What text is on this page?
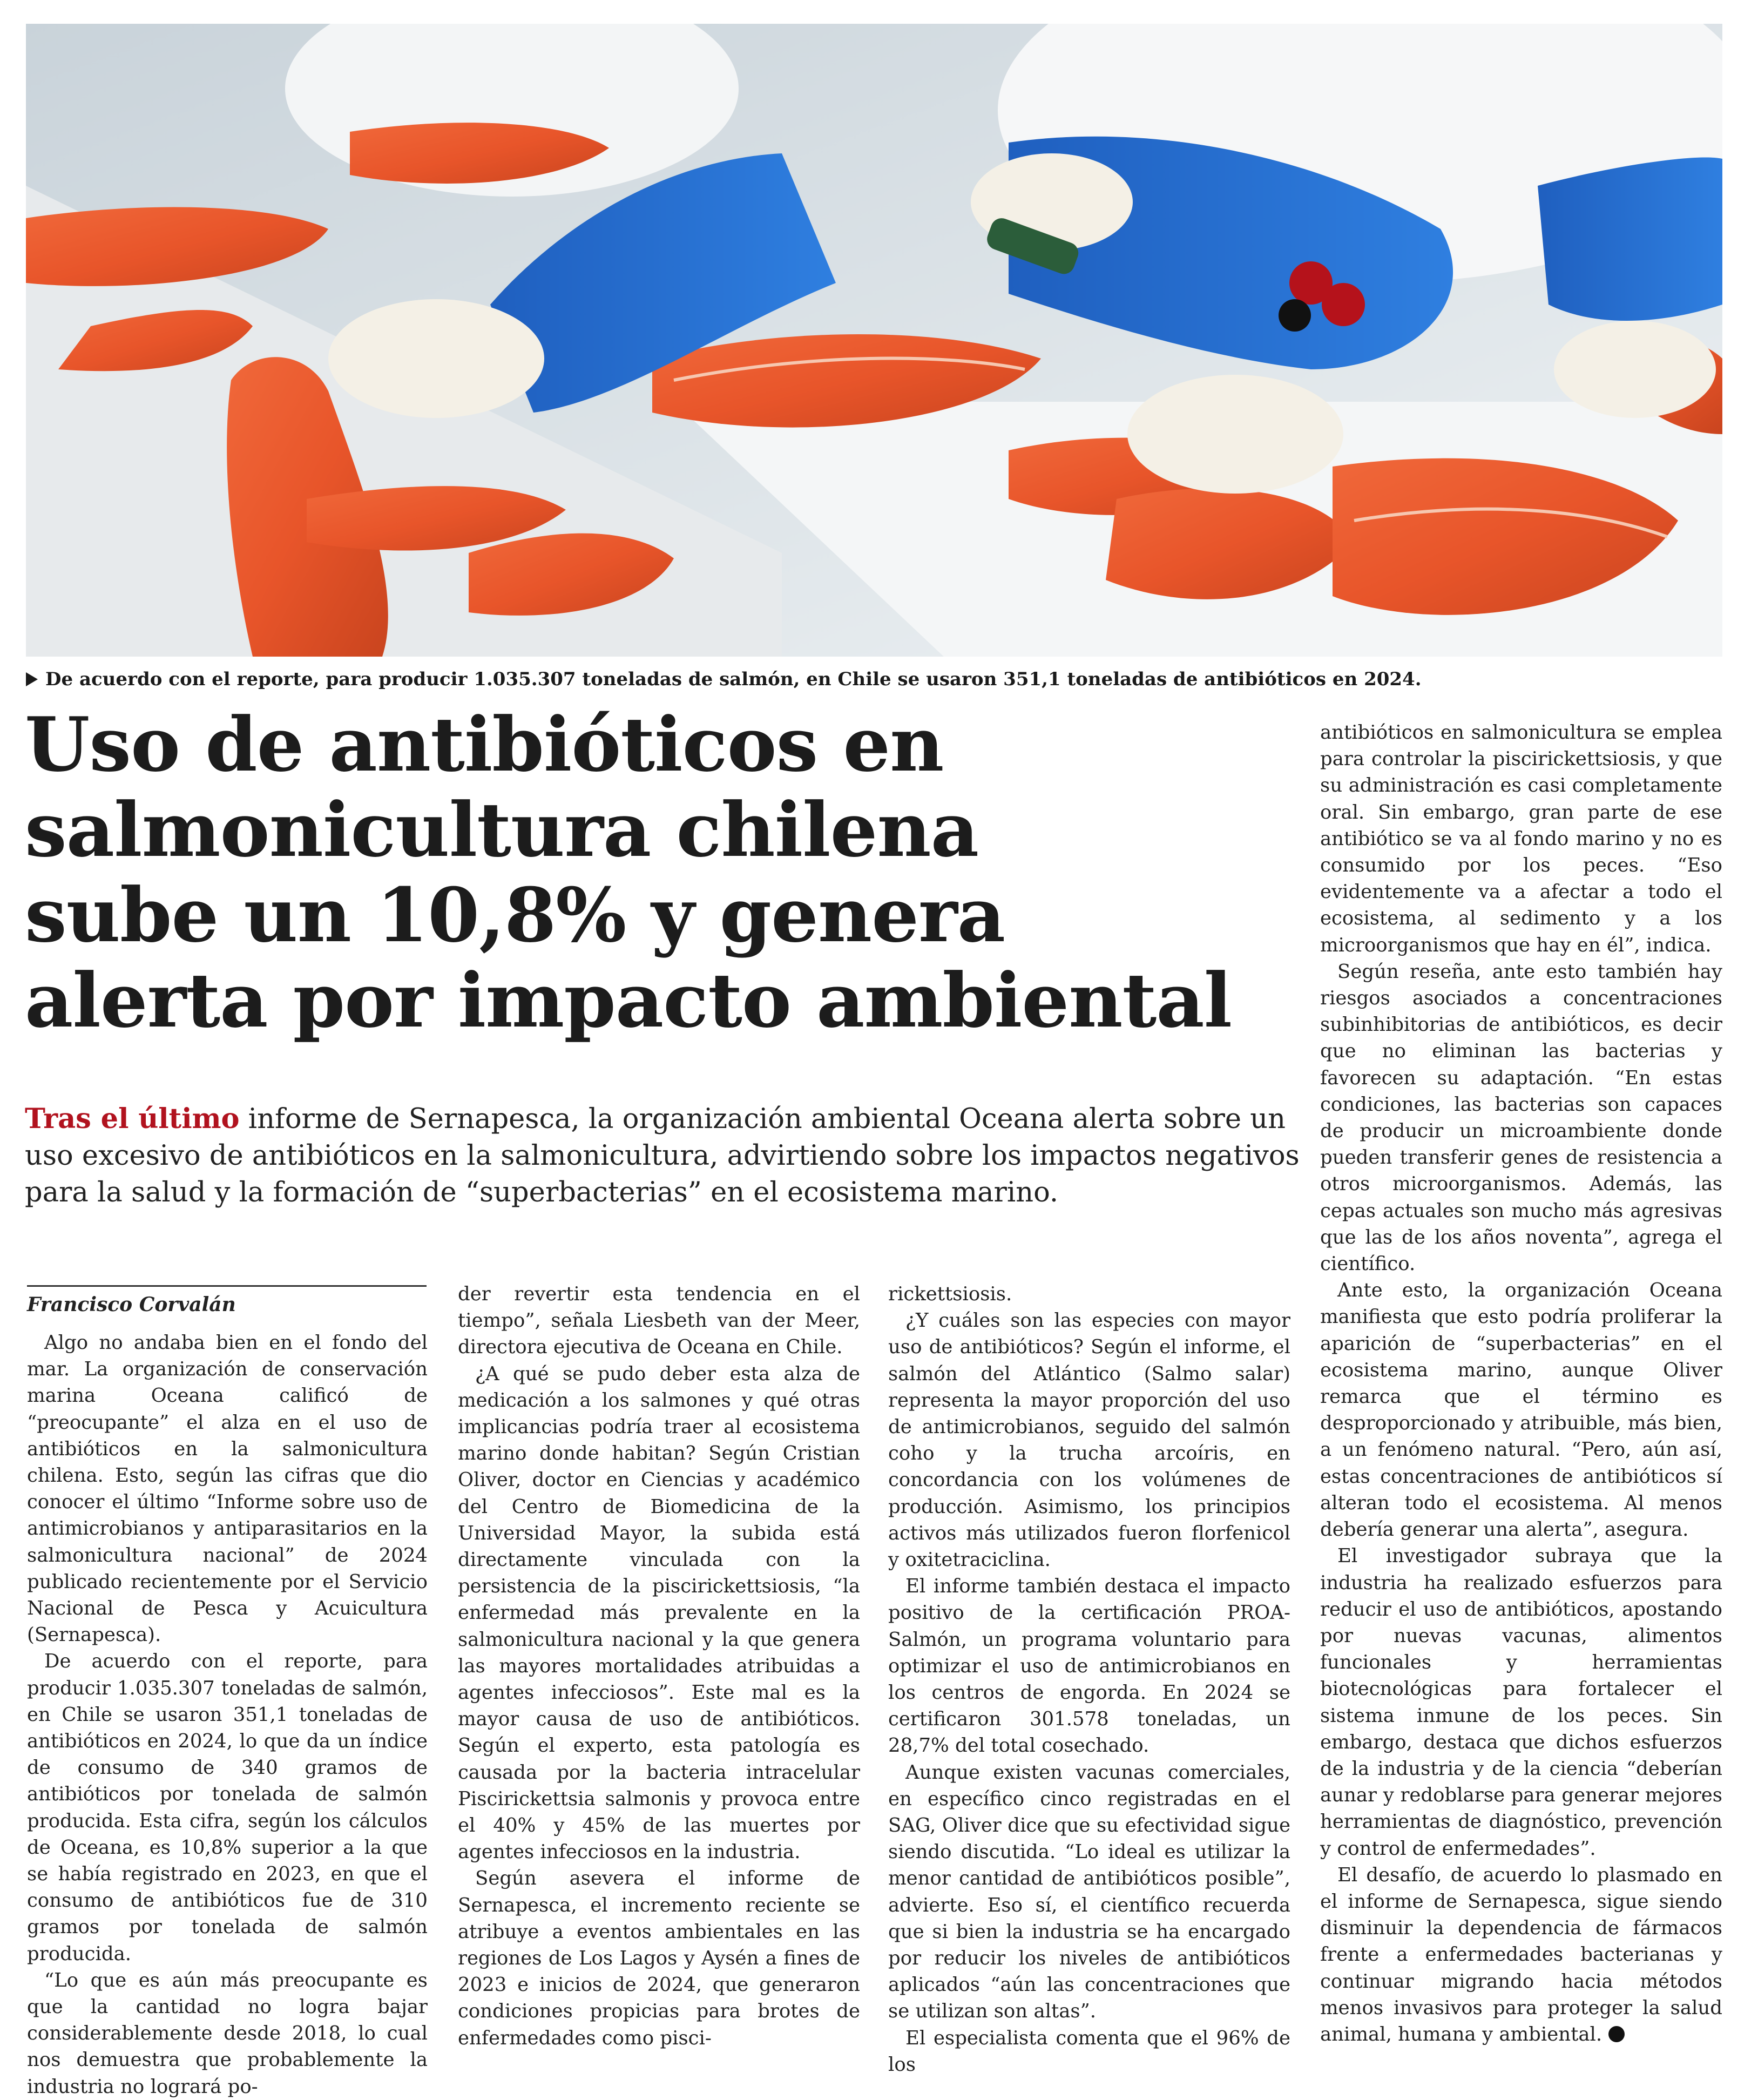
De acuerdo con el reporte, para producir 1.035.307 toneladas de salmón, en Chile se usaron 351,1 toneladas de antibióticos en 2024.
Uso de antibióticos en
salmonicultura chilena
sube un 10,8% y genera
alerta por impacto ambiental
Tras el último informe de Sernapesca, la organización ambiental Oceana alerta sobre un uso excesivo de antibióticos en la salmonicultura, advirtiendo sobre los impactos negativos para la salud y la formación de “superbacterias” en el ecosistema marino.
Francisco Corvalán

Algo no andaba bien en el fondo del mar. La organización de conservación marina Oceana calificó de “preocupante” el alza en el uso de antibióticos en la salmonicultura chilena. Esto, según las cifras que dio conocer el último “Informe sobre uso de antimicrobianos y antiparasitarios en la salmonicultura nacional” de 2024 publicado recientemente por el Servicio Nacional de Pesca y Acuicultura (Sernapesca).

De acuerdo con el reporte, para producir 1.035.307 toneladas de salmón, en Chile se usaron 351,1 toneladas de antibióticos en 2024, lo que da un índice de consumo de 340 gramos de antibióticos por tonelada de salmón producida. Esta cifra, según los cálculos de Oceana, es 10,8% superior a la que se había registrado en 2023, en que el consumo de antibióticos fue de 310 gramos por tonelada de salmón producida.

“Lo que es aún más preocupante es que la cantidad no logra bajar considerablemente desde 2018, lo cual nos demuestra que probablemente la industria no logrará po-

der revertir esta tendencia en el tiempo”, señala Liesbeth van der Meer, directora ejecutiva de Oceana en Chile.

¿A qué se pudo deber esta alza de medicación a los salmones y qué otras implicancias podría traer al ecosistema marino donde habitan? Según Cristian Oliver, doctor en Ciencias y académico del Centro de Biomedicina de la Universidad Mayor, la subida está directamente vinculada con la persistencia de la piscirickettsiosis, “la enfermedad más prevalente en la salmonicultura nacional y la que genera las mayores mortalidades atribuidas a agentes infecciosos”. Este mal es la mayor causa de uso de antibióticos. Según el experto, esta patología es causada por la bacteria intracelular Piscirickettsia salmonis y provoca entre el 40% y 45% de las muertes por agentes infecciosos en la industria.

Según asevera el informe de Sernapesca, el incremento reciente se atribuye a eventos ambientales en las regiones de Los Lagos y Aysén a fines de 2023 e inicios de 2024, que generaron condiciones propicias para brotes de enfermedades como pisci-

rickettsiosis.

¿Y cuáles son las especies con mayor uso de antibióticos? Según el informe, el salmón del Atlántico (Salmo salar) representa la mayor proporción del uso de antimicrobianos, seguido del salmón coho y la trucha arcoíris, en concordancia con los volúmenes de producción. Asimismo, los principios activos más utilizados fueron florfenicol y oxitetraciclina.

El informe también destaca el impacto positivo de la certificación PROA-Salmón, un programa voluntario para optimizar el uso de antimicrobianos en los centros de engorda. En 2024 se certificaron 301.578 toneladas, un 28,7% del total cosechado.

Aunque existen vacunas comerciales, en específico cinco registradas en el SAG, Oliver dice que su efectividad sigue siendo discutida. “Lo ideal es utilizar la menor cantidad de antibióticos posible”, advierte. Eso sí, el científico recuerda que si bien la industria se ha encargado por reducir los niveles de antibióticos aplicados “aún las concentraciones que se utilizan son altas”.

El especialista comenta que el 96% de los

antibióticos en salmonicultura se emplea para controlar la piscirickettsiosis, y que su administración es casi completamente oral. Sin embargo, gran parte de ese antibiótico se va al fondo marino y no es consumido por los peces. “Eso evidentemente va a afectar a todo el ecosistema, al sedimento y a los microorganismos que hay en él”, indica.

Según reseña, ante esto también hay riesgos asociados a concentraciones subinhibitorias de antibióticos, es decir que no eliminan las bacterias y favorecen su adaptación. “En estas condiciones, las bacterias son capaces de producir un microambiente donde pueden transferir genes de resistencia a otros microorganismos. Además, las cepas actuales son mucho más agresivas que las de los años noventa”, agrega el científico.

Ante esto, la organización Oceana manifiesta que esto podría proliferar la aparición de “superbacterias” en el ecosistema marino, aunque Oliver remarca que el término es desproporcionado y atribuible, más bien, a un fenómeno natural. “Pero, aún así, estas concentraciones de antibióticos sí alteran todo el ecosistema. Al menos debería generar una alerta”, asegura.

El investigador subraya que la industria ha realizado esfuerzos para reducir el uso de antibióticos, apostando por nuevas vacunas, alimentos funcionales y herramientas biotecnológicas para fortalecer el sistema inmune de los peces. Sin embargo, destaca que dichos esfuerzos de la industria y de la ciencia “deberían aunar y redoblarse para generar mejores herramientas de diagnóstico, prevención y control de enfermedades”.

El desafío, de acuerdo lo plasmado en el informe de Sernapesca, sigue siendo disminuir la dependencia de fármacos frente a enfermedades bacterianas y continuar migrando hacia métodos menos invasivos para proteger la salud animal, humana y ambiental.
